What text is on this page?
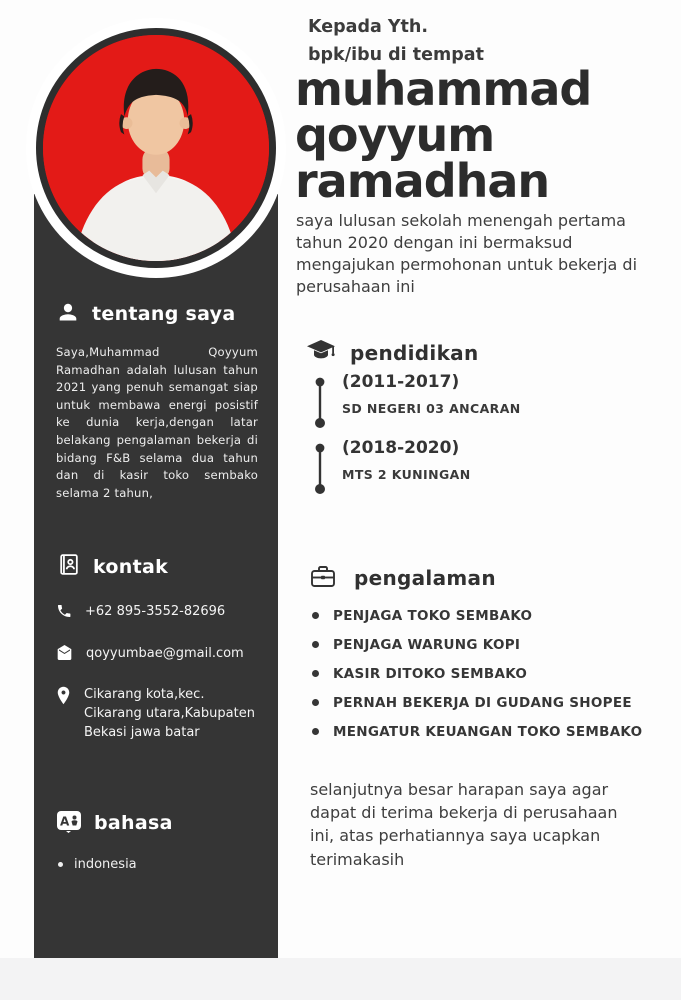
tentang saya

Saya,Muhammad Qoyyum Ramadhan adalah lulusan tahun 2021 yang penuh semangat siap untuk membawa energi posistif ke dunia kerja,dengan latar belakang pengalaman bekerja di bidang F&B selama dua tahun dan di kasir toko sembako selama 2 tahun,

kontak
+62 895-3552-82696
qoyyumbae@gmail.com
Cikarang kota,kec. Cikarang utara,Kabupaten Bekasi jawa batar
A bahasa
indonesia
Kepada Yth.
bpk/ibu di tempat
muhammad
qoyyum
ramadhan

saya lulusan sekolah menengah pertama tahun 2020 dengan ini bermaksud mengajukan permohonan untuk bekerja di perusahaan ini

pendidikan
(2011-2017)
SD NEGERI 03 ANCARAN
(2018-2020)
MTS 2 KUNINGAN
pengalaman
PENJAGA TOKO SEMBAKO
PENJAGA WARUNG KOPI
KASIR DITOKO SEMBAKO
PERNAH BEKERJA DI GUDANG SHOPEE
MENGATUR KEUANGAN TOKO SEMBAKO

selanjutnya besar harapan saya agar dapat di terima bekerja di perusahaan ini, atas perhatiannya saya ucapkan terimakasih
